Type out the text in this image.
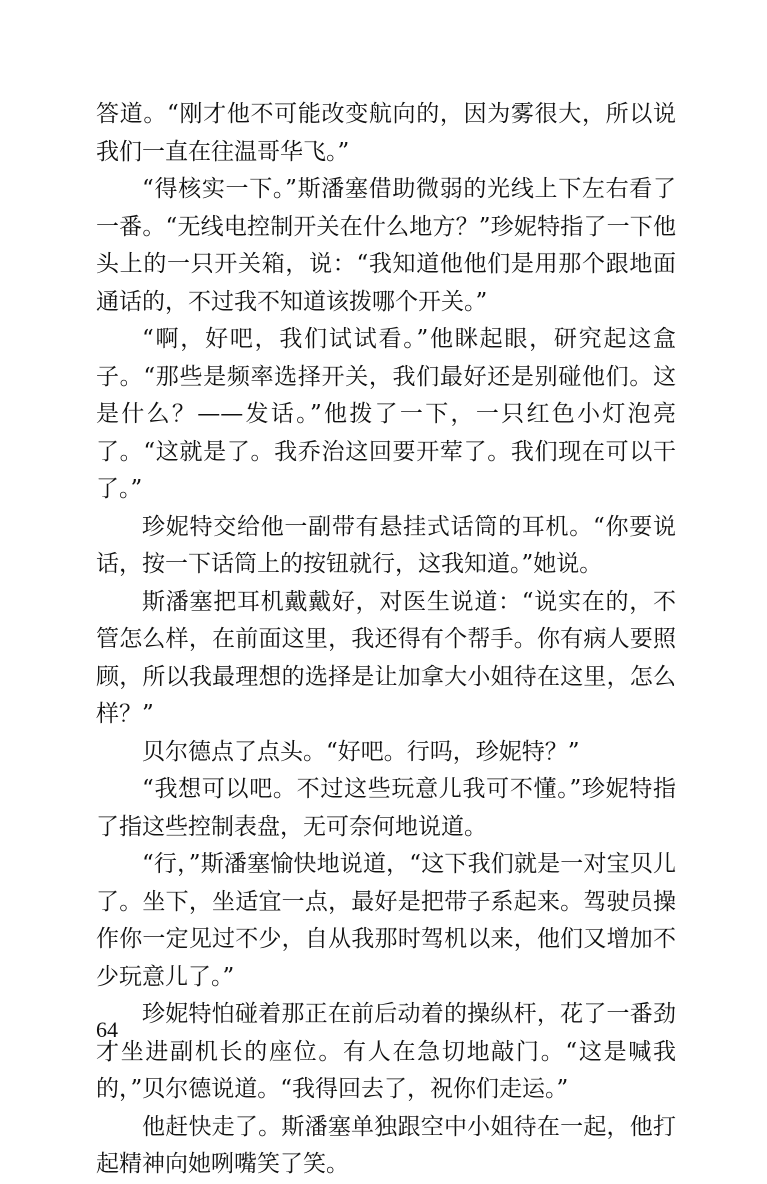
答道。“刚才他不可能改变航向的，因为雾很大，所以说我们一直在往温哥华飞。”

“得核实一下。”斯潘塞借助微弱的光线上下左右看了一番。“无线电控制开关在什么地方？”珍妮特指了一下他头上的一只开关箱，说：“我知道他他们是用那个跟地面通话的，不过我不知道该拨哪个开关。”

“啊，好吧，我们试试看。”他眯起眼，研究起这盒子。“那些是频率选择开关，我们最好还是别碰他们。这是什么？——发话。”他拨了一下，一只红色小灯泡亮了。“这就是了。我乔治这回要开荤了。我们现在可以干了。”

珍妮特交给他一副带有悬挂式话筒的耳机。“你要说话，按一下话筒上的按钮就行，这我知道。”她说。

斯潘塞把耳机戴戴好，对医生说道：“说实在的，不管怎么样，在前面这里，我还得有个帮手。你有病人要照顾，所以我最理想的选择是让加拿大小姐待在这里，怎么样？”

贝尔德点了点头。“好吧。行吗，珍妮特？”

“我想可以吧。不过这些玩意儿我可不懂。”珍妮特指了指这些控制表盘，无可奈何地说道。

“行，”斯潘塞愉快地说道，“这下我们就是一对宝贝儿了。坐下，坐适宜一点，最好是把带子系起来。驾驶员操作你一定见过不少，自从我那时驾机以来，他们又增加不少玩意儿了。”

珍妮特怕碰着那正在前后动着的操纵杆，花了一番劲才坐进副机长的座位。有人在急切地敲门。“这是喊我的，”贝尔德说道。“我得回去了，祝你们走运。”

他赶快走了。斯潘塞单独跟空中小姐待在一起，他打起精神向她咧嘴笑了笑。

64
